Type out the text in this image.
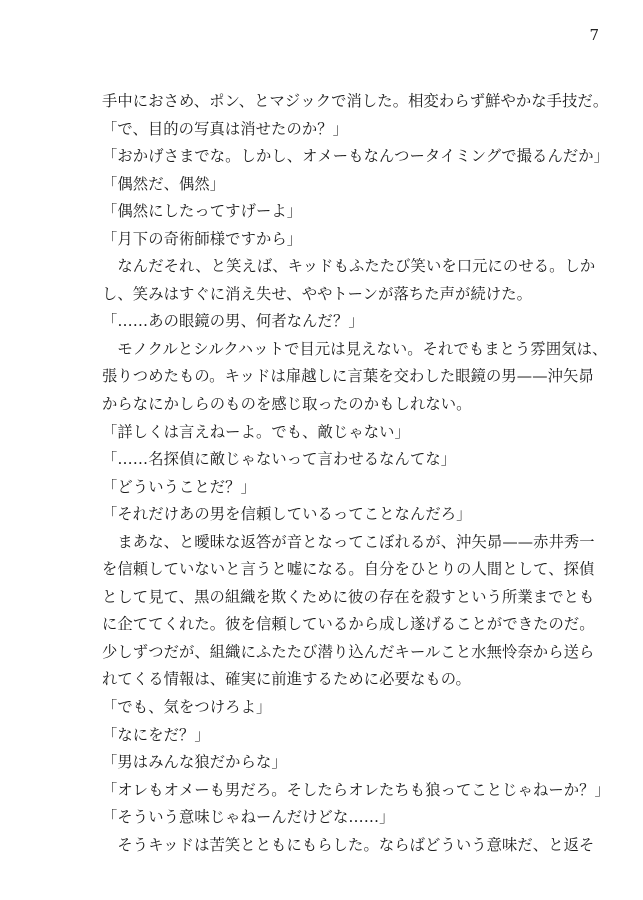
7
手中におさめ、ポン、とマジックで消した。相変わらず鮮やかな手技だ。
「で、目的の写真は消せたのか？」
「おかげさまでな。しかし、オメーもなんつータイミングで撮るんだか」
「偶然だ、偶然」
「偶然にしたってすげーよ」
「月下の奇術師様ですから」
　なんだそれ、と笑えば、キッドもふたたび笑いを口元にのせる。しか
し、笑みはすぐに消え失せ、ややトーンが落ちた声が続けた。
「……あの眼鏡の男、何者なんだ？」
　モノクルとシルクハットで目元は見えない。それでもまとう雰囲気は、
張りつめたもの。キッドは扉越しに言葉を交わした眼鏡の男——沖矢昴
からなにかしらのものを感じ取ったのかもしれない。
「詳しくは言えねーよ。でも、敵じゃない」
「……名探偵に敵じゃないって言わせるなんてな」
「どういうことだ？」
「それだけあの男を信頼しているってことなんだろ」
　まあな、と曖昧な返答が音となってこぼれるが、沖矢昴——赤井秀一
を信頼していないと言うと嘘になる。自分をひとりの人間として、探偵
として見て、黒の組織を欺くために彼の存在を殺すという所業までとも
に企ててくれた。彼を信頼しているから成し遂げることができたのだ。
少しずつだが、組織にふたたび潜り込んだキールこと水無怜奈から送ら
れてくる情報は、確実に前進するために必要なもの。
「でも、気をつけろよ」
「なにをだ？」
「男はみんな狼だからな」
「オレもオメーも男だろ。そしたらオレたちも狼ってことじゃねーか？」
「そういう意味じゃねーんだけどな……」
　そうキッドは苦笑とともにもらした。ならばどういう意味だ、と返そ
